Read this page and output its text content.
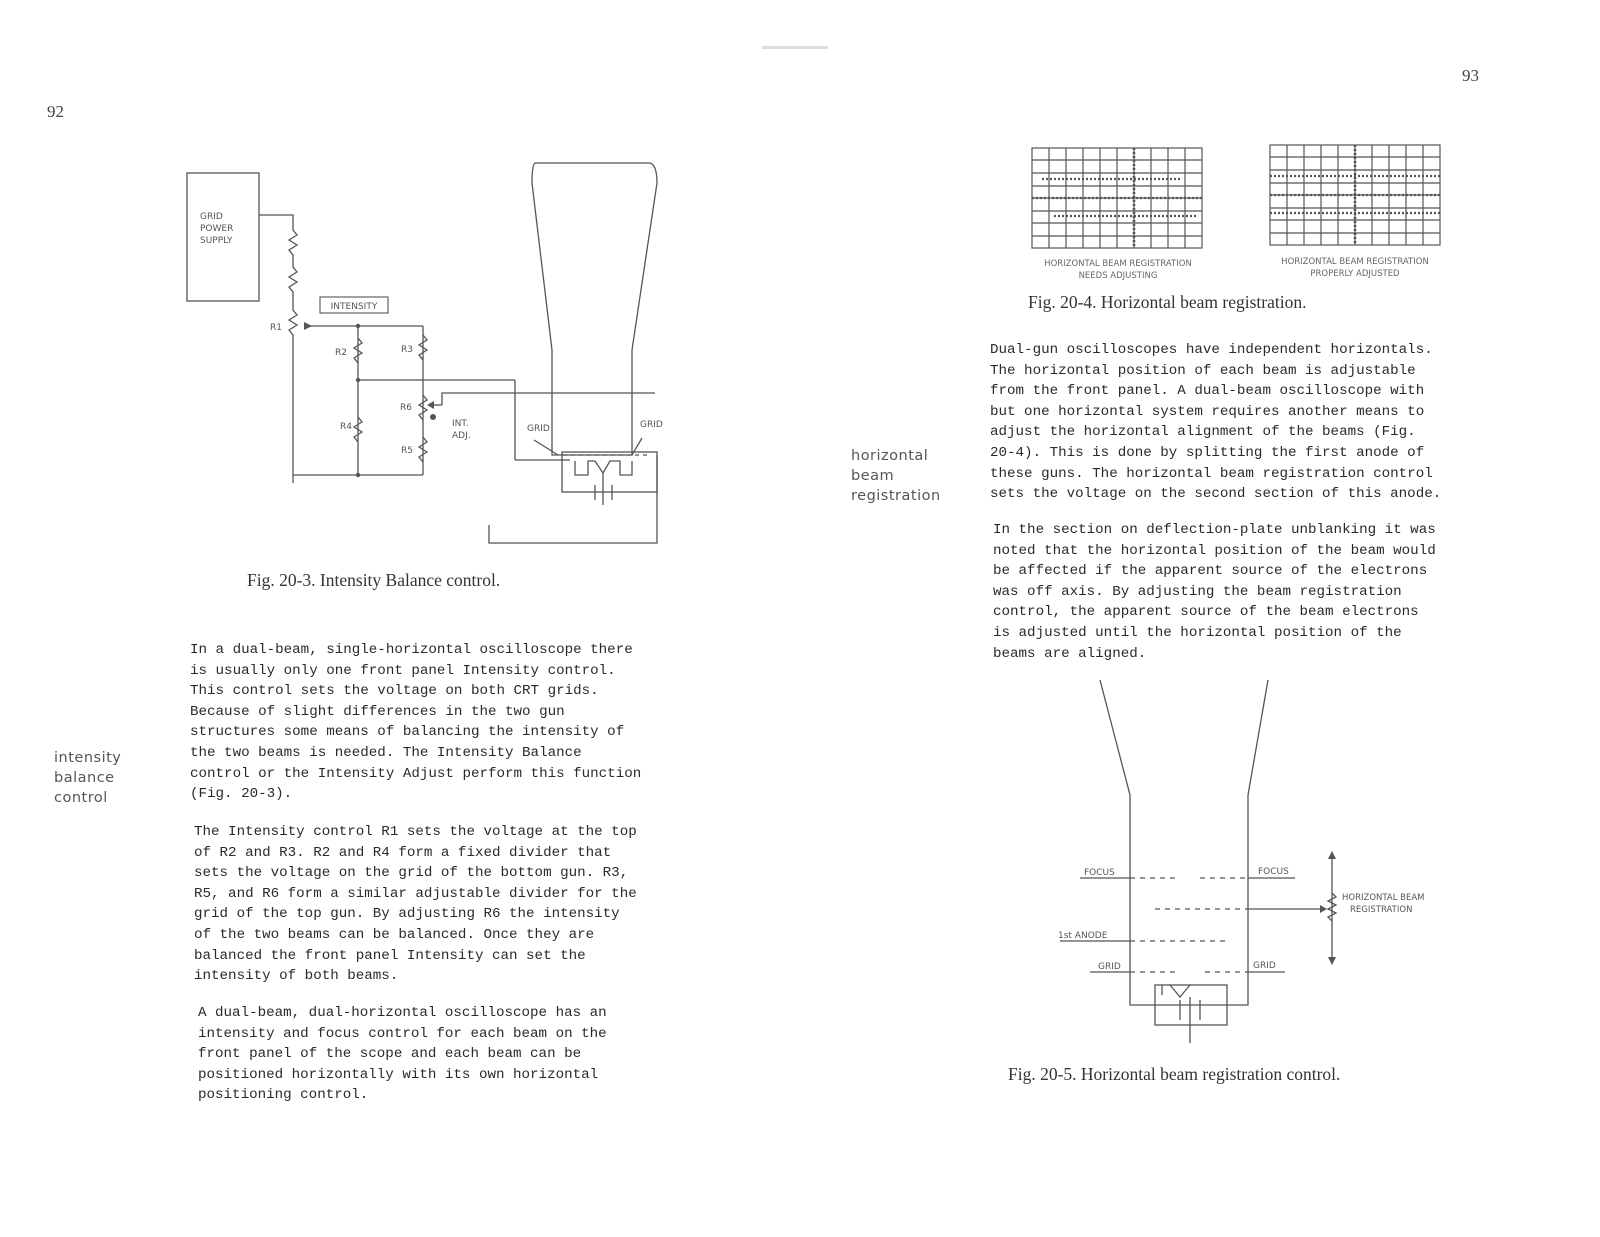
92
INTENSITY
GRID
POWER
SUPPLY
R1
R2	R3
R6
R4
R5
INT.
ADJ.
GRID	GRID
Fig. 20-3. Intensity Balance control.
intensity
balance
control
In a dual-beam, single-horizontal oscilloscope there
is usually only one front panel Intensity control.
This control sets the voltage on both CRT grids.
Because of slight differences in the two gun
structures some means of balancing the intensity of
the two beams is needed. The Intensity Balance
control or the Intensity Adjust perform this function
(Fig. 20-3).
The Intensity control R1 sets the voltage at the top
of R2 and R3. R2 and R4 form a fixed divider that
sets the voltage on the grid of the bottom gun. R3,
R5, and R6 form a similar adjustable divider for the
grid of the top gun. By adjusting R6 the intensity
of the two beams can be balanced. Once they are
balanced the front panel Intensity can set the
intensity of both beams.
A dual-beam, dual-horizontal oscilloscope has an
intensity and focus control for each beam on the
front panel of the scope and each beam can be
positioned horizontally with its own horizontal
positioning control.
93
HORIZONTAL BEAM REGISTRATION
NEEDS ADJUSTING
HORIZONTAL BEAM REGISTRATION
PROPERLY ADJUSTED
Fig. 20-4. Horizontal beam registration.
horizontal
beam
registration
Dual-gun oscilloscopes have independent horizontals.
The horizontal position of each beam is adjustable
from the front panel. A dual-beam oscilloscope with
but one horizontal system requires another means to
adjust the horizontal alignment of the beams (Fig.
20-4). This is done by splitting the first anode of
these guns. The horizontal beam registration control
sets the voltage on the second section of this anode.
In the section on deflection-plate unblanking it was
noted that the horizontal position of the beam would
be affected if the apparent source of the electrons
was off axis. By adjusting the beam registration
control, the apparent source of the beam electrons
is adjusted until the horizontal position of the
beams are aligned.
FOCUS	FOCUS
1st ANODE
GRID	GRID
HORIZONTAL BEAM
REGISTRATION
Fig. 20-5. Horizontal beam registration control.
